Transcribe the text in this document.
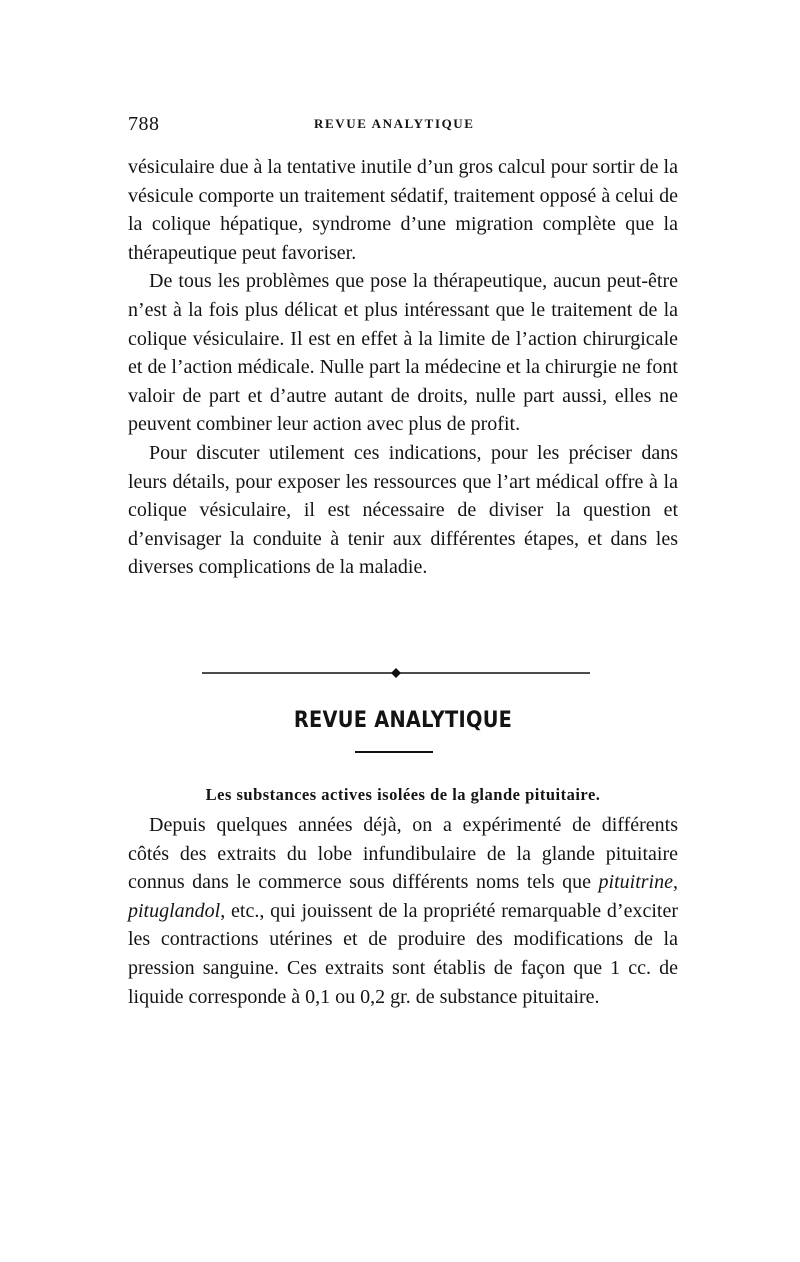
788	REVUE ANALYTIQUE

vésiculaire due à la tentative inutile d’un gros calcul pour sortir de la vésicule comporte un traitement sédatif, traitement opposé à celui de la colique hépatique, syndrome d’une migration complète que la thérapeutique peut favoriser.

De tous les problèmes que pose la thérapeutique, aucun peut-être n’est à la fois plus délicat et plus intéressant que le traitement de la colique vésiculaire. Il est en effet à la limite de l’action chirurgicale et de l’action médicale. Nulle part la médecine et la chirurgie ne font valoir de part et d’autre autant de droits, nulle part aussi, elles ne peuvent combiner leur action avec plus de profit.

Pour discuter utilement ces indications, pour les préciser dans leurs détails, pour exposer les ressources que l’art médical offre à la colique vésiculaire, il est nécessaire de diviser la question et d’envisager la conduite à tenir aux différentes étapes, et dans les diverses complications de la maladie.

REVUE ANALYTIQUE
Les substances actives isolées de la glande pituitaire.

Depuis quelques années déjà, on a expérimenté de différents côtés des extraits du lobe infundibulaire de la glande pituitaire connus dans le commerce sous différents noms tels que pituitrine, pituglandol, etc., qui jouissent de la propriété remarquable d’exciter les contractions utérines et de produire des modifications de la pression sanguine. Ces extraits sont établis de façon que 1 cc. de liquide corresponde à 0,1 ou 0,2 gr. de substance pituitaire.
